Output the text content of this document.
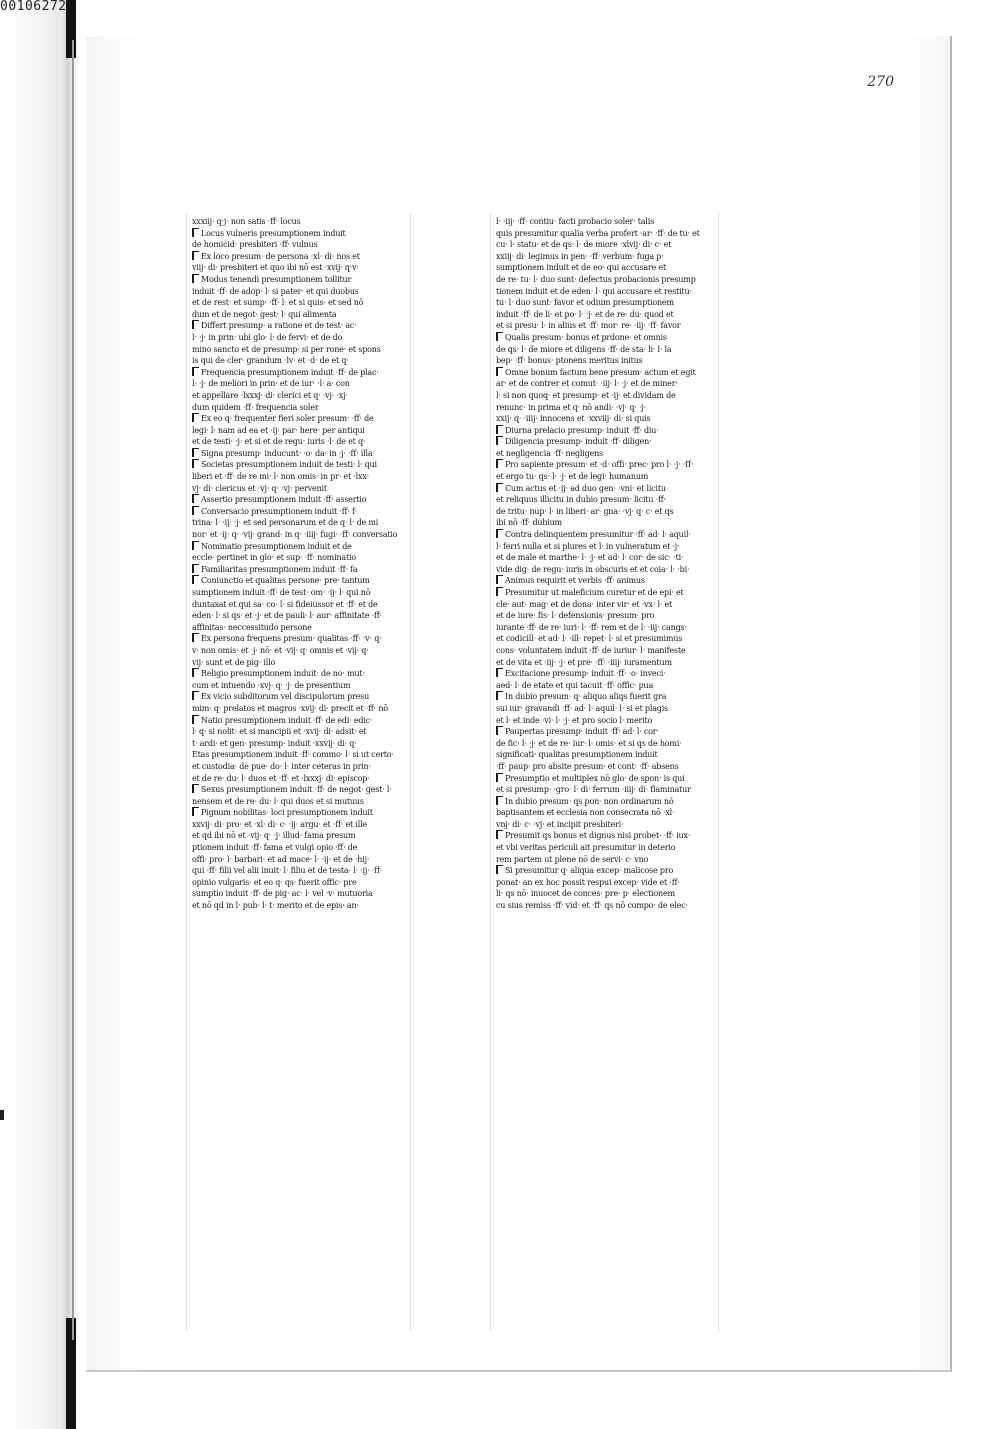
00106272
270
xxxiij· q·j· non satis ·ff· locus
Locus vulneris presumptionem induit
de homicid· presbiteri ·ff· vulnus
Ex loco presum· de persona ·xl· di· nos et
viij· di· presbiteri et quo ibi nō est ·xvij· q·v·
Modus tenendi presumptionem tollitur
induit ·ff· de adop· l· si pater· et qui duobus
et de rest· et sump· ·ff· l· et si quis· et sed nō
dum et de negot· gest· l· qui alimenta
Differt presump· a ratione et de test· ac·
l· ·j· in prin· ubi glo· l· de fervi· et de do
mino sancto et de presump· si per rone· et spons
is qui de cler· grandum ·lv· et ·d· de et q·
Frequencia presumptionem induit ·ff· de plac·
l· ·j· de meliori in prin· et de iur· ·l· a· con
et appellare ·lxxxj· di· clerici et q· ·vj· ·xj·
dum quidem ·ff· frequencia soler
Ex eo q· frequenter fieri soler presum· ·ff· de
legi· l· nam ad ea et ·ij· par· here· per antiqui
et de testi· ·j· et si et de regu· iuris ·l· de et q·
Signa presump· inducunt· ·o· da· in ·j· ·ff· illa
Societas presumptionem induit de testi· l· qui
liberi et ·ff· de re mi· l· non omis· in pr· et ·lxx·
vj· di· clericus et ·vj· q· ·vj· pervenit
Assertio presumptionem induit ·ff· assertio
Conversacio presumptionem induit ·ff· f·
trina· l· ·ij· ·j· et sed personarum et de q· l· de mi
nor· et ·ij· q· ·vij· grand· in q· ·iiij· fugi· ·ff· conversatio
Nominatio presumptionem induit et de
eccle· pertinet in glo· et sup· ·ff· nominatio
Familiaritas presumptionem induit ·ff· fa
Coniunctio et qualitas persone· pre· tantum
sumptionem induit ·ff· de test· om· ·ij· l· qui nō
duntaxat et qui sa· co· l· si fideiussor et ·ff· et de
eden· l· si qs· et ·j· et de pauli· l· aur· affinitate ·ff·
affinitas· neccessitudo persone
Ex persona frequens presum· qualitas ·ff· ·v· q·
v· non omis· et ·j· nō· et ·vij· q· omnis et ·vij· q·
vij· sunt et de pig· illo
Religio presumptionem induit· de no· mut·
cum et intuendo ·xvj· q· ·j· de presentium
Ex vicio subditorum vel discipulorum presu
mim· q· prelatos et magros ·xvij· di· precit et ·ff· nō
Natio presumptionem induit ·ff· de edi· edic·
l· q· si nolit· et si mancipii et ·xvij· di· adsit· et
t· ardi· et gen· presump· induit ·xxvij· di· q·
Etas presumptionem induit ·ff· commo· l· si ut certo·
et custodia· de pue· do· l· inter ceteras in prin·
et de re· du· l· duos et ·ff· et ·lxxxj· di· episcop·
Sexus presumptionem induit ·ff· de negot· gest· l·
nensem et de re· du· l· qui duos et si mutuus
Pignum nobilitas· loci presumptionem induit
xxvij· di· pro· et ·xl· di· c· ·ij· argu· et ·ff· et ille
et qd ibi nō et ·vij· q· ·j· illud· fama presum
ptionem induit ·ff· fama et vulgi opio ·ff· de
offi· pro· l· barbari· et ad mace· l· ·ij· et de ·hij·
qui ·ff· filii vel alii inuit· l· filiu et de testa· l· ·ij· ·ff·
opinio vulgaris· et eo q· qs· fuerit offic· pre
sumptio induit ·ff· de pig· ac· l· vel ·v· mutuoria
et nō qd in l· pub· l· t· merito et de epis· an·
l· ·iij· ·ff· contiu· facti probacio soler· talis
quis presumitur qualia verba profert ·ar· ·ff· de tu· et
cu· l· statu· et de qs· l· de miore ·xlvij· di· c· et
xxiij· di· legimus in pen· ·ff· verbum· fuga p·
sumptionem induit et de eo· qui accusare et
de re· tu· l· duo sunt· defectus probacionis presump
tionem induit et de eden· l· qui accusare et restitu·
tu· l· duo sunt· favor et odium presumptionem
induit ·ff· de li· et po· l· ·j· et de re· du· quod et
et si presu· l· in alius et ·ff· mor· re· ·iij· ·ff· favor
Qualis presum· bonus et prdone· et omnis
de qs· l· de miore et diligens ·ff· de sta· li· l· la
bep· ·ff· bonus· ptonens meritus initus
Omne bonum factum bene presum· actum et egit
ar· et de contrer et comut· ·iij· l· ·j· et de miner·
l· si non quoq· et presump· et ·ij· et dividam de
renunc· in prima et q· nō andi· ·vj· q· ·j·
xxij· q· ·iiij· innocens et ·xxviij· di· si quis
Diurna prelacio presump· induit ·ff· diu·
Diligencia presump· induit ·ff· diligen·
et negligencia ·ff· negligens
Pro sapiente presum· et ·d· offi· prec· pro l· ·j· ·ff·
et ergo tu· qs· l· ·j· et de legi· humanum
Cum actus et ·ij· ad duo gen· ·vni· et licitu
et reliquus illicitu in dubio presum· licitu ·ff·
de tritu· nup· l· in liberi· ar· gna· ·vj· q· c· et qs
ibi nō ·ff· dubium
Contra delinquentem presumitur ·ff· ad· l· aquil·
l· ferri nulla et si plures et l· in vulneratum et ·j·
et de male et marthe· l· ·j· et ad· l· cor· de sic· ·ti·
vide dig· de regu· iuris in obscuris et et coia· l· ·bi·
Animus requirit et verbis ·ff· animus
Presumitur ut maleficium curetur et de epi· et
cle· aut· mag· et de dona· inter vir· et ·vx· l· et
et de iure· fis· l· defensionis· presum· pro
iurante ·ff· de re· iuri· l· ·ff· rem et de l· ·iij· cangs·
et codicill· et ad· l· ·ill· repet· l· si et presumimus
cons· voluntatem induit ·ff· de iuriur· l· manifeste
et de vita et ·iij· ·j· et pre· ·ff· ·iiij· iuramentum
Excitacione presump· induit ·ff· ·o· inveci·
aed· l· de etate et qui tacuit ·ff· offic· pua
In dubio presum· q· aliquo aliqs fuerit gra
sui iur· gravandi ·ff· ad· l· aquil· l· si et plagis
et l· et inde ·vi· l· ·j· et pro socio l· merito
Paupertas presump· induit ·ff· ad· l· cor·
de fic· l· ·j· et de re· iur· l· omis· et si qs de homi·
significati· qualitas presumptionem induit
·ff· paup· pro absite presum· et cont· ·ff· absens
Presumptio et multiplex nō glo· de spon· is qui
et si presump· ·gro· l· di· ferrum ·iiij· di· flaminatur
In dubio presum· qs pon· non ordinarum nō
baptisantem et ecclesia non consecrata nō ·xl·
vnj· di· c· ·vj· et incipit presbiteri·
Presumit qs bonus et dignus nisi probet· ·ff· iux·
et vbi veritas periculi ait presumitur in deterio
rem partem ut plene nō de servi· c· vno
Si presumitur q· aliqua excep· malicose pro
ponat· an ex hoc possit respui excep· vide et ·ff·
li· qs nō· inuocet de conces· pre· p· electionem
cu sius remiss ·ff· vid· et ·ff· qs nō compo· de elec·
